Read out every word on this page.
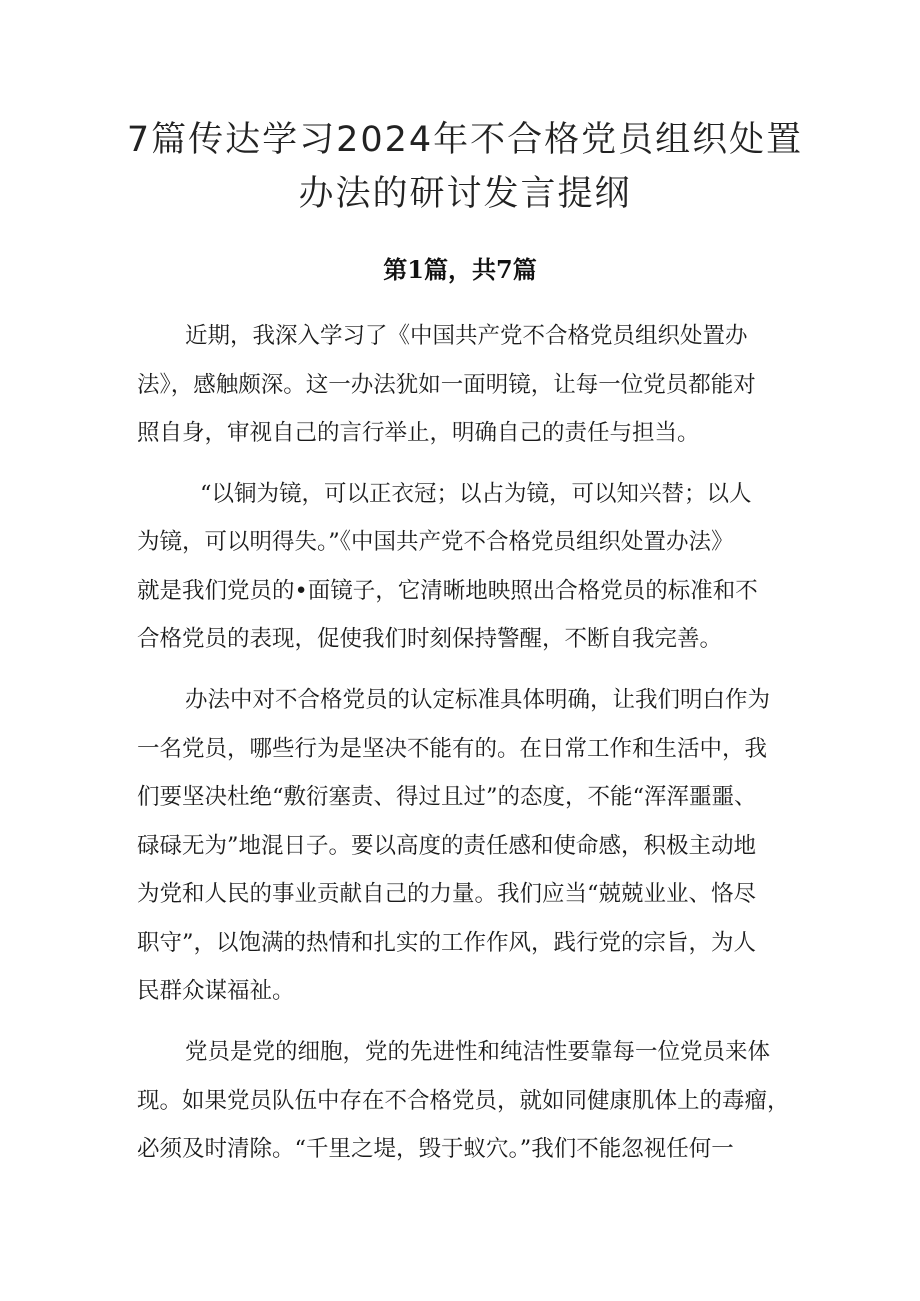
7篇传达学习2024年不合格党员组织处置
办法的研讨发言提纲
第1篇，共7篇
近期，我深入学习了《中国共产党不合格党员组织处置办
法》，感触颇深。这一办法犹如一面明镜，让每一位党员都能对
照自身，审视自己的言行举止，明确自己的责任与担当。
“以铜为镜，可以正衣冠；以占为镜，可以知兴替；以人
为镜，可以明得失。”《中国共产党不合格党员组织处置办法》
就是我们党员的•面镜子，它清晰地映照出合格党员的标准和不
合格党员的表现，促使我们时刻保持警醒，不断自我完善。
办法中对不合格党员的认定标准具体明确，让我们明白作为
一名党员，哪些行为是坚决不能有的。在日常工作和生活中，我
们要坚决杜绝“敷衍塞责、得过且过”的态度，不能“浑浑噩噩、
碌碌无为”地混日子。要以高度的责任感和使命感，积极主动地
为党和人民的事业贡献自己的力量。我们应当“兢兢业业、恪尽
职守”，以饱满的热情和扎实的工作作风，践行党的宗旨，为人
民群众谋福祉。
党员是党的细胞，党的先进性和纯洁性要靠每一位党员来体
现。如果党员队伍中存在不合格党员，就如同健康肌体上的毒瘤，
必须及时清除。“千里之堤，毁于蚁穴。”我们不能忽视任何一
